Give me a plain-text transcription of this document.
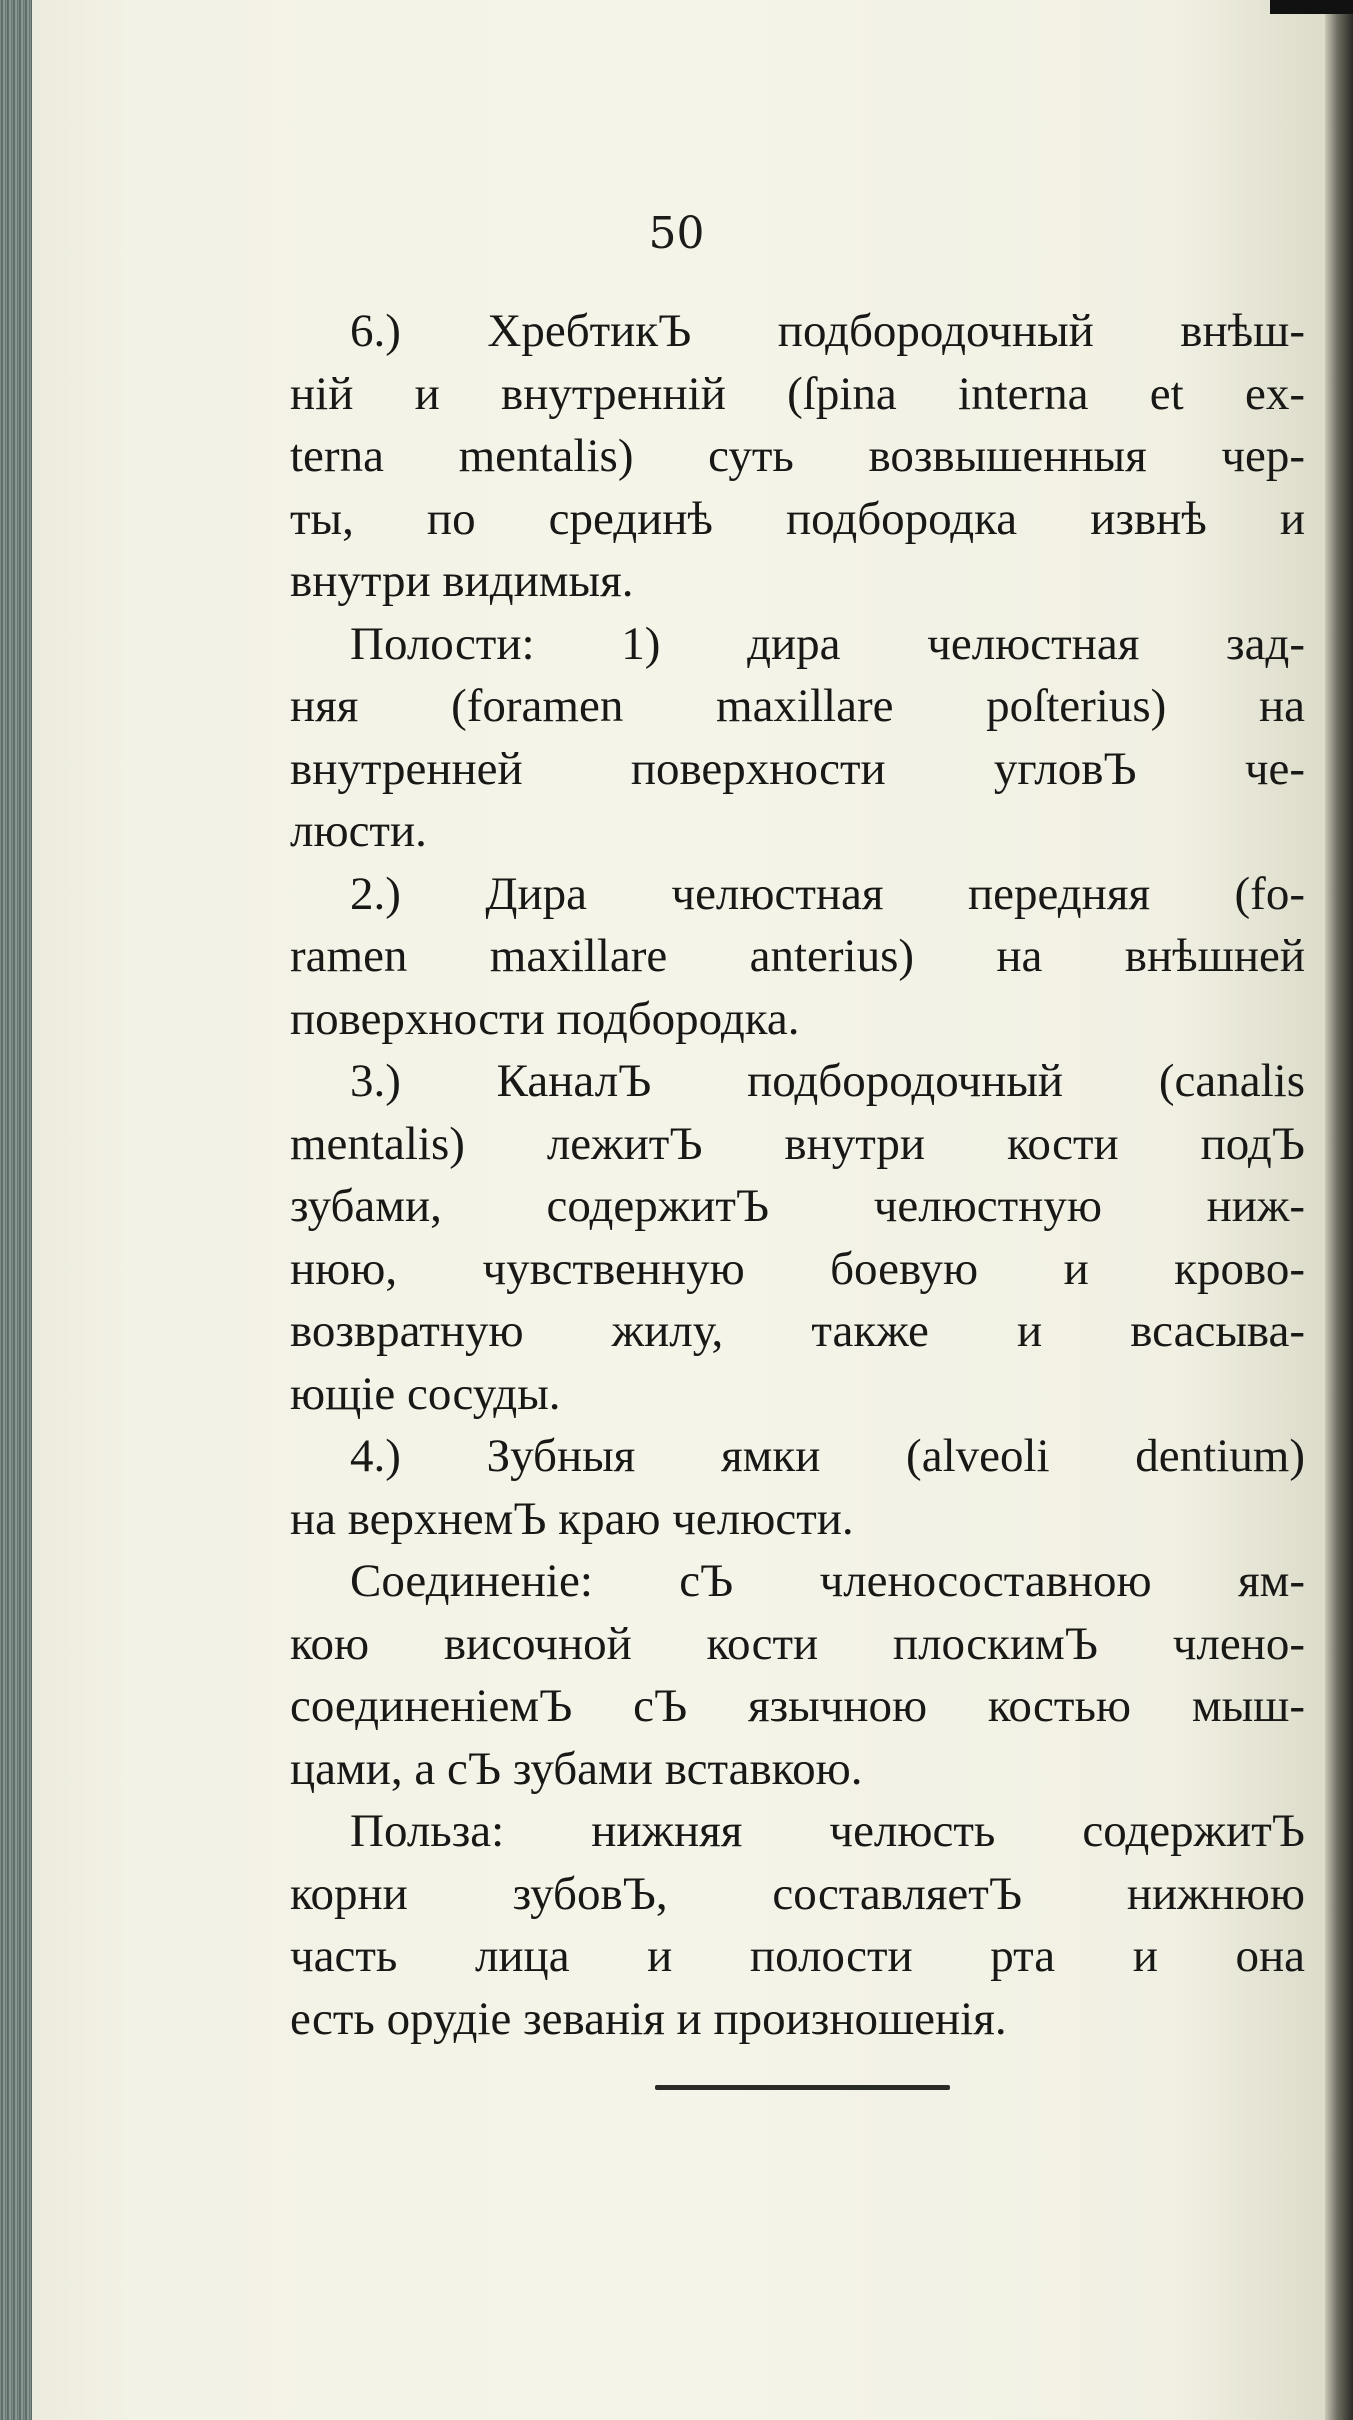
50
6.) ХребтикЪ подбородочный внѣш-
нiй и внутреннiй (ſpina interna et ex-
terna mentalis) суть возвышенныя чер-
ты, по срединѣ подбородка извнѣ и
внутри видимыя.
Полости: 1) дира челюстная зад-
няя (foramen maxillare poſterius) на
внутренней поверхности угловЪ че-
люсти.
2.) Дира челюстная передняя (fo-
ramen maxillare anterius) на внѣшней
поверхности подбородка.
3.) КаналЪ подбородочный (canalis
mentalis) лежитЪ внутри кости подЪ
зубами, содержитЪ челюстную ниж-
нюю, чувственную боевую и крово-
возвратную жилу, также и всасыва-
ющiе сосуды.
4.) Зубныя ямки (alveoli dentium)
на верхнемЪ краю челюсти.
Соединенiе: сЪ членосоставною ям-
кою височной кости плоскимЪ члено-
соединенiемЪ сЪ язычною костью мыш-
цами, а сЪ зубами вставкою.
Польза: нижняя челюсть содержитЪ
корни зубовЪ, составляетЪ нижнюю
часть лица и полости рта и она
есть орудiе зеванiя и произношенiя.
